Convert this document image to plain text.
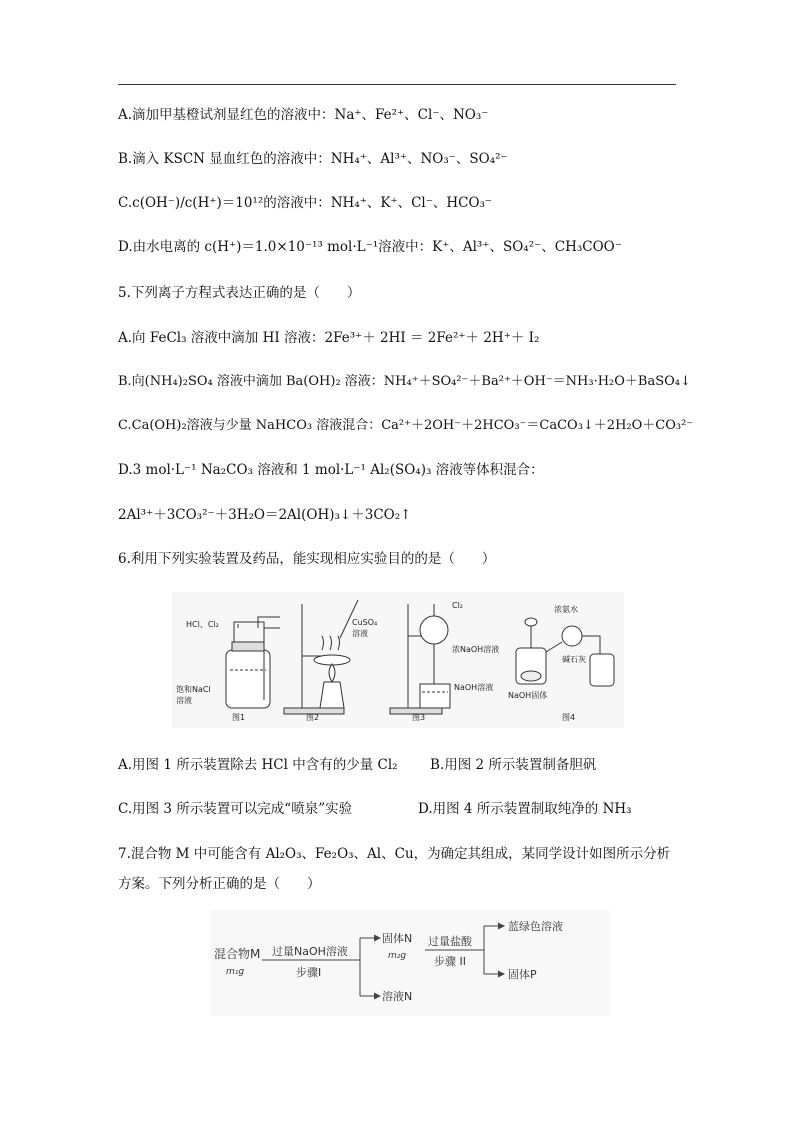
A.滴加甲基橙试剂显红色的溶液中：Na⁺、Fe²⁺、Cl⁻、NO₃⁻
B.滴入 KSCN 显血红色的溶液中：NH₄⁺、Al³⁺、NO₃⁻、SO₄²⁻
C.c(OH⁻)/c(H⁺)＝10¹²的溶液中：NH₄⁺、K⁺、Cl⁻、HCO₃⁻
D.由水电离的 c(H⁺)＝1.0×10⁻¹³ mol·L⁻¹溶液中：K⁺、Al³⁺、SO₄²⁻、CH₃COO⁻
5.下列离子方程式表达正确的是（　　）
A.向 FeCl₃ 溶液中滴加 HI 溶液：2Fe³⁺＋ 2HI ＝ 2Fe²⁺＋ 2H⁺＋ I₂
B.向(NH₄)₂SO₄ 溶液中滴加 Ba(OH)₂ 溶液：NH₄⁺＋SO₄²⁻＋Ba²⁺＋OH⁻＝NH₃·H₂O＋BaSO₄↓
C.Ca(OH)₂溶液与少量 NaHCO₃ 溶液混合：Ca²⁺＋2OH⁻＋2HCO₃⁻＝CaCO₃↓＋2H₂O＋CO₃²⁻
D.3 mol·L⁻¹ Na₂CO₃ 溶液和 1 mol·L⁻¹ Al₂(SO₄)₃ 溶液等体积混合：
2Al³⁺＋3CO₃²⁻＋3H₂O＝2Al(OH)₃↓＋3CO₂↑
6.利用下列实验装置及药品，能实现相应实验目的的是（　　）
HCl、Cl₂
饱和NaCl
溶液
图1
CuSO₄
溶液
图2
Cl₂
浓NaOH溶液
NaOH溶液
图3
浓氨水
碱石灰
NaOH固体
图4
A.用图 1 所示装置除去 HCl 中含有的少量 Cl₂ B.用图 2 所示装置制备胆矾
C.用图 3 所示装置可以完成“喷泉”实验	D.用图 4 所示装置制取纯净的 NH₃
7.混合物 M 中可能含有 Al₂O₃、Fe₂O₃、Al、Cu，为确定其组成，某同学设计如图所示分析
方案。下列分析正确的是（　　）
混合物M
m₁g
过量NaOH溶液
步骤I
固体N
m₂g
过量盐酸
步骤 II
蓝绿色溶液
固体P
溶液N
